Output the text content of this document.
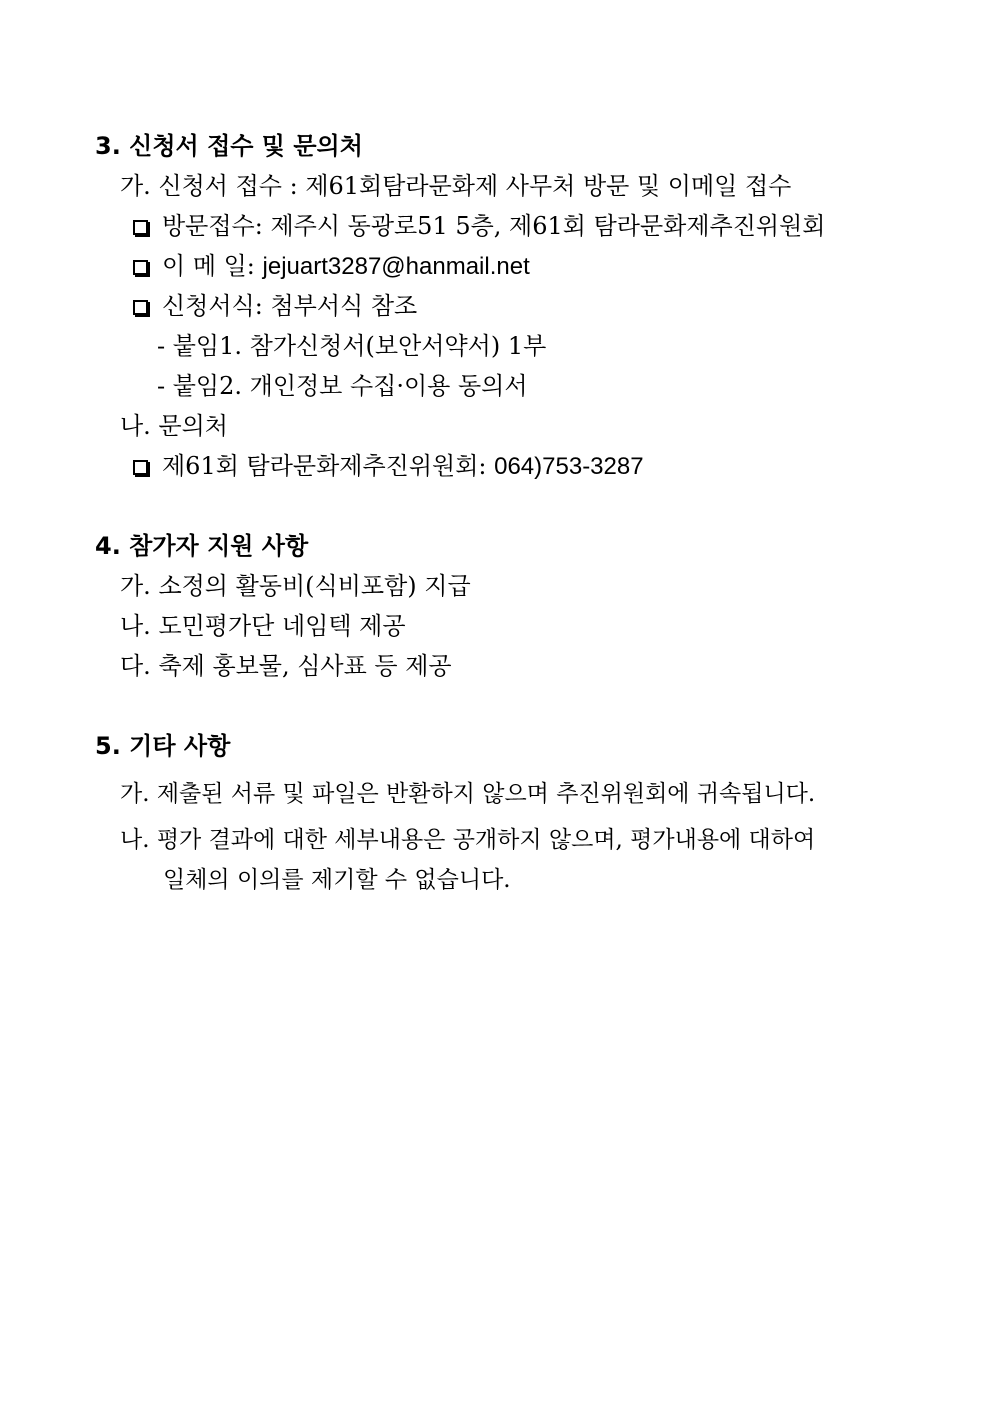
3. 신청서 접수 및 문의처
가. 신청서 접수 : 제61회탐라문화제 사무처 방문 및 이메일 접수
방문접수: 제주시 동광로51 5층, 제61회 탐라문화제추진위원회
이 메 일: jejuart3287@hanmail.net
신청서식: 첨부서식 참조
- 붙임1. 참가신청서(보안서약서) 1부
- 붙임2. 개인정보 수집·이용 동의서
나. 문의처
제61회 탐라문화제추진위원회: 064)753-3287
4. 참가자 지원 사항
가. 소정의 활동비(식비포함) 지급
나. 도민평가단 네임텍 제공
다. 축제 홍보물, 심사표 등 제공
5. 기타 사항
가. 제출된 서류 및 파일은 반환하지 않으며 추진위원회에 귀속됩니다.
나. 평가 결과에 대한 세부내용은 공개하지 않으며, 평가내용에 대하여
일체의 이의를 제기할 수 없습니다.
